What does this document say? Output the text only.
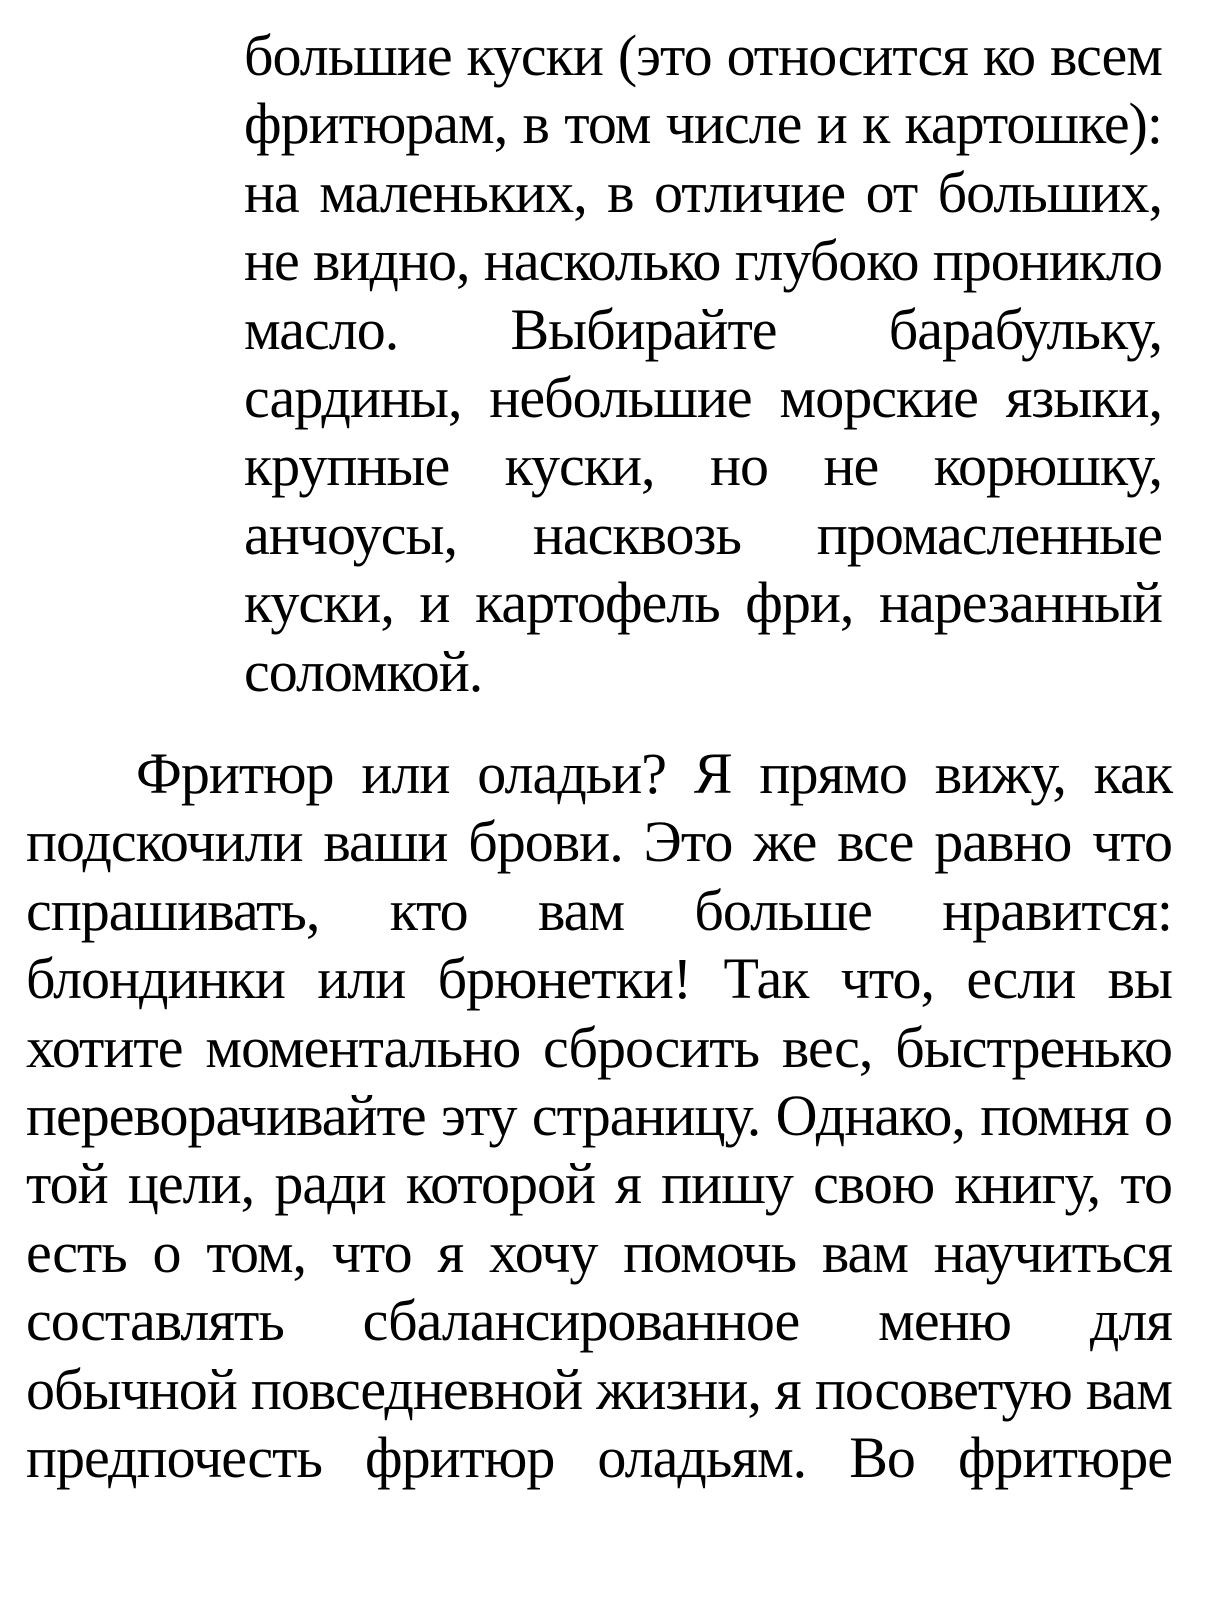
большие куски (это относится ко всем
фритюрам, в том числе и к картошке):
на маленьких, в отличие от больших,
не видно, насколько глубоко проникло
масло. Выбирайте барабульку,
сардины, небольшие морские языки,
крупные куски, но не корюшку,
анчоусы, насквозь промасленные
куски, и картофель фри, нарезанный
соломкой.
Фритюр или оладьи? Я прямо вижу, как
подскочили ваши брови. Это же все равно что
спрашивать, кто вам больше нравится:
блондинки или брюнетки! Так что, если вы
хотите моментально сбросить вес, быстренько
переворачивайте эту страницу. Однако, помня о
той цели, ради которой я пишу свою книгу, то
есть о том, что я хочу помочь вам научиться
составлять сбалансированное меню для
обычной повседневной жизни, я посоветую вам
предпочесть фритюр оладьям. Во фритюре
